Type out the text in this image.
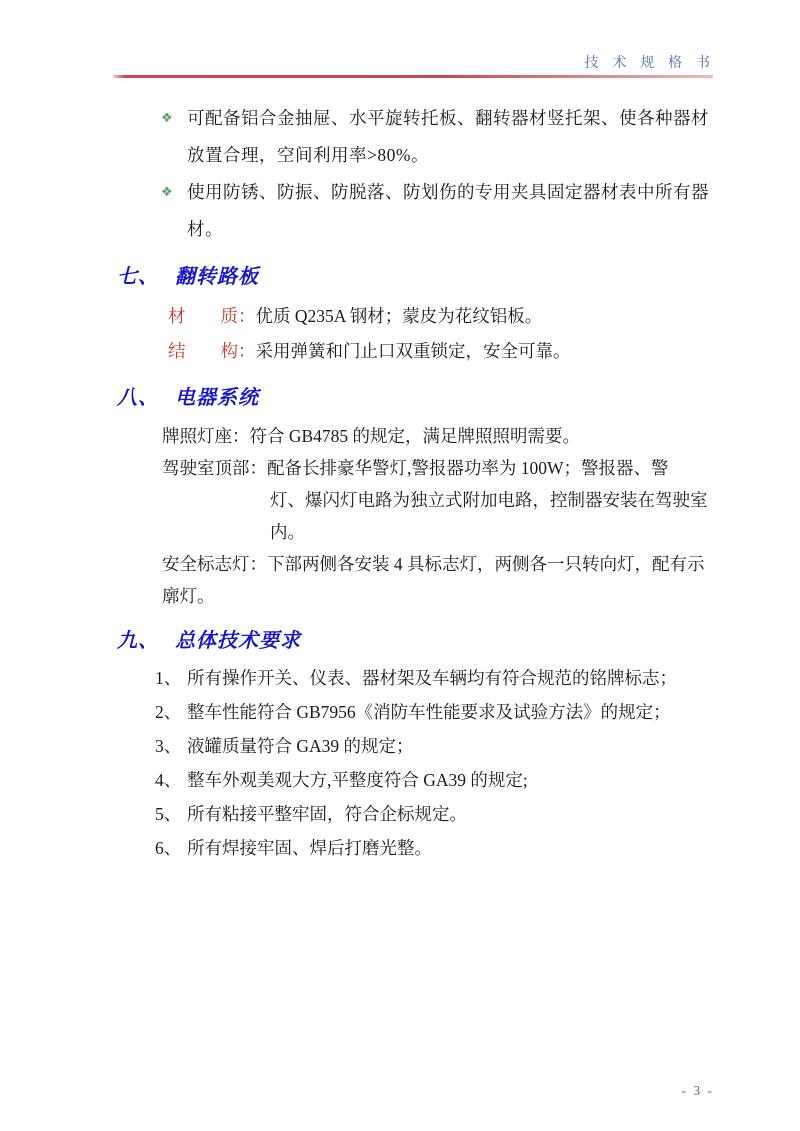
技 术 规 格 书
❖ 可配备铝合金抽屉、水平旋转托板、翻转器材竖托架、使各种器材放置合理，空间利用率>80%。
❖ 使用防锈、防振、防脱落、防划伤的专用夹具固定器材表中所有器材。
七、 翻转路板
材　　质：优质 Q235A 钢材；蒙皮为花纹铝板。
结　　构：采用弹簧和门止口双重锁定，安全可靠。
八、 电器系统
牌照灯座：符合 GB4785 的规定，满足牌照照明需要。
驾驶室顶部：配备长排豪华警灯,警报器功率为 100W；警报器、警
灯、爆闪灯电路为独立式附加电路，控制器安装在驾驶室内。
安全标志灯：下部两侧各安装 4 具标志灯，两侧各一只转向灯，配有示廓灯。
九、 总体技术要求
1、 所有操作开关、仪表、器材架及车辆均有符合规范的铭牌标志；
2、 整车性能符合 GB7956《消防车性能要求及试验方法》的规定；
3、 液罐质量符合 GA39 的规定；
4、 整车外观美观大方,平整度符合 GA39 的规定;
5、 所有粘接平整牢固，符合企标规定。
6、 所有焊接牢固、焊后打磨光整。
- 3 -
